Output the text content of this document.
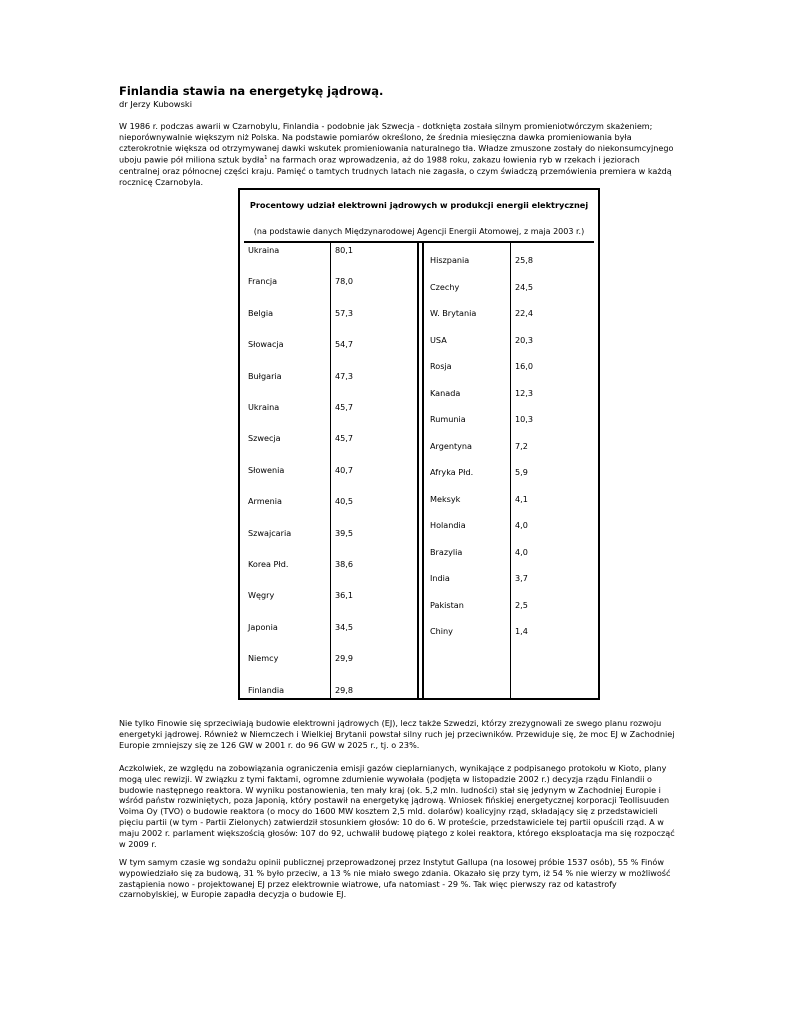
Finlandia stawia na energetykę jądrową.
dr Jerzy Kubowski

W 1986 r. podczas awarii w Czarnobylu, Finlandia - podobnie jak Szwecja - dotknięta została silnym promieniotwórczym skażeniem;
nieporównywalnie większym niż Polska. Na podstawie pomiarów określono, że średnia miesięczna dawka promieniowania była
czterokrotnie większa od otrzymywanej dawki wskutek promieniowania naturalnego tła. Władze zmuszone zostały do niekonsumcyjnego
uboju pawie pół miliona sztuk bydła$^1$ na farmach oraz wprowadzenia, aż do 1988 roku, zakazu łowienia ryb w rzekach i jeziorach
centralnej oraz północnej części kraju. Pamięć o tamtych trudnych latach nie zagasła, o czym świadczą przemówienia premiera w każdą
rocznicę Czarnobyla.

Procentowy udział elektrowni jądrowych w produkcji energii elektrycznej
(na podstawie danych Międzynarodowej Agencji Energii Atomowej, z maja 2003 r.)
Ukraina	80,1
Francja	78,0
Belgia	57,3
Słowacja	54,7
Bułgaria	47,3
Ukraina	45,7
Szwecja	45,7
Słowenia	40,7
Armenia	40,5
Szwajcaria	39,5
Korea Płd.	38,6
Węgry	36,1
Japonia	34,5
Niemcy	29,9
Finlandia	29,8
Hiszpania	25,8
Czechy	24,5
W. Brytania	22,4
USA	20,3
Rosja	16,0
Kanada	12,3
Rumunia	10,3
Argentyna	7,2
Afryka Płd.	5,9
Meksyk	4,1
Holandia	4,0
Brazylia	4,0
India	3,7
Pakistan	2,5
Chiny	1,4

Nie tylko Finowie się sprzeciwiają budowie elektrowni jądrowych (EJ), lecz także Szwedzi, którzy zrezygnowali ze swego planu rozwoju
energetyki jądrowej. Również w Niemczech i Wielkiej Brytanii powstał silny ruch jej przeciwników. Przewiduje się, że moc EJ w Zachodniej
Europie zmniejszy się ze 126 GW w 2001 r. do 96 GW w 2025 r., tj. o 23%.

Aczkolwiek, ze względu na zobowiązania ograniczenia emisji gazów cieplarnianych, wynikające z podpisanego protokołu w Kioto, plany
mogą ulec rewizji. W związku z tymi faktami, ogromne zdumienie wywołała (podjęta w listopadzie 2002 r.) decyzja rządu Finlandii o
budowie następnego reaktora. W wyniku postanowienia, ten mały kraj (ok. 5,2 mln. ludności) stał się jedynym w Zachodniej Europie i
wśród państw rozwiniętych, poza Japonią, który postawił na energetykę jądrową. Wniosek fińskiej energetycznej korporacji Teollisuuden
Voima Oy (TVO) o budowie reaktora (o mocy do 1600 MW kosztem 2,5 mld. dolarów) koalicyjny rząd, składający się z przedstawicieli
pięciu partii (w tym - Partii Zielonych) zatwierdził stosunkiem głosów: 10 do 6. W proteście, przedstawiciele tej partii opuścili rząd. A w
maju 2002 r. parlament większością głosów: 107 do 92, uchwalił budowę piątego z kolei reaktora, którego eksploatacja ma się rozpocząć
w 2009 r.

W tym samym czasie wg sondażu opinii publicznej przeprowadzonej przez Instytut Gallupa (na losowej próbie 1537 osób), 55 % Finów
wypowiedziało się za budową, 31 % było przeciw, a 13 % nie miało swego zdania. Okazało się przy tym, iż 54 % nie wierzy w możliwość
zastąpienia nowo - projektowanej EJ przez elektrownie wiatrowe, ufa natomiast - 29 %. Tak więc pierwszy raz od katastrofy
czarnobylskiej, w Europie zapadła decyzja o budowie EJ.
